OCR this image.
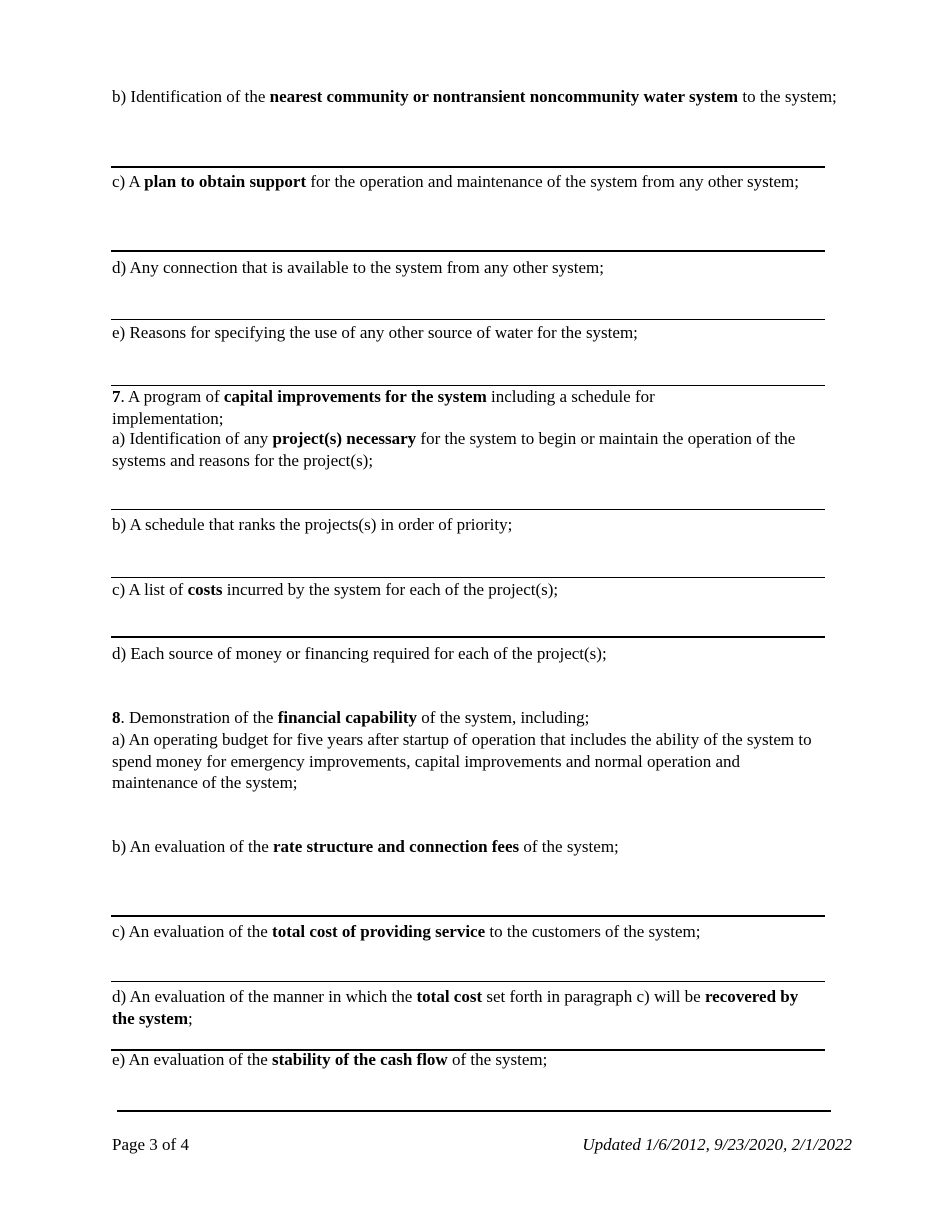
b) Identification of the nearest community or nontransient noncommunity water system to the system;

c) A plan to obtain support for the operation and maintenance of the system from any other system;

d) Any connection that is available to the system from any other system;

e) Reasons for specifying the use of any other source of water for the system;

7. A program of capital improvements for the system including a schedule for implementation;

a) Identification of any project(s) necessary for the system to begin or maintain the operation of the systems and reasons for the project(s);

b) A schedule that ranks the projects(s) in order of priority;

c) A list of costs incurred by the system for each of the project(s);

d) Each source of money or financing required for each of the project(s);

8. Demonstration of the financial capability of the system, including;

a) An operating budget for five years after startup of operation that includes the ability of the system to spend money for emergency improvements, capital improvements and normal operation and maintenance of the system;

b) An evaluation of the rate structure and connection fees of the system;

c) An evaluation of the total cost of providing service to the customers of the system;

d) An evaluation of the manner in which the total cost set forth in paragraph c) will be recovered by the system;

e) An evaluation of the stability of the cash flow of the system;

Page 3 of 4	Updated 1/6/2012, 9/23/2020, 2/1/2022
